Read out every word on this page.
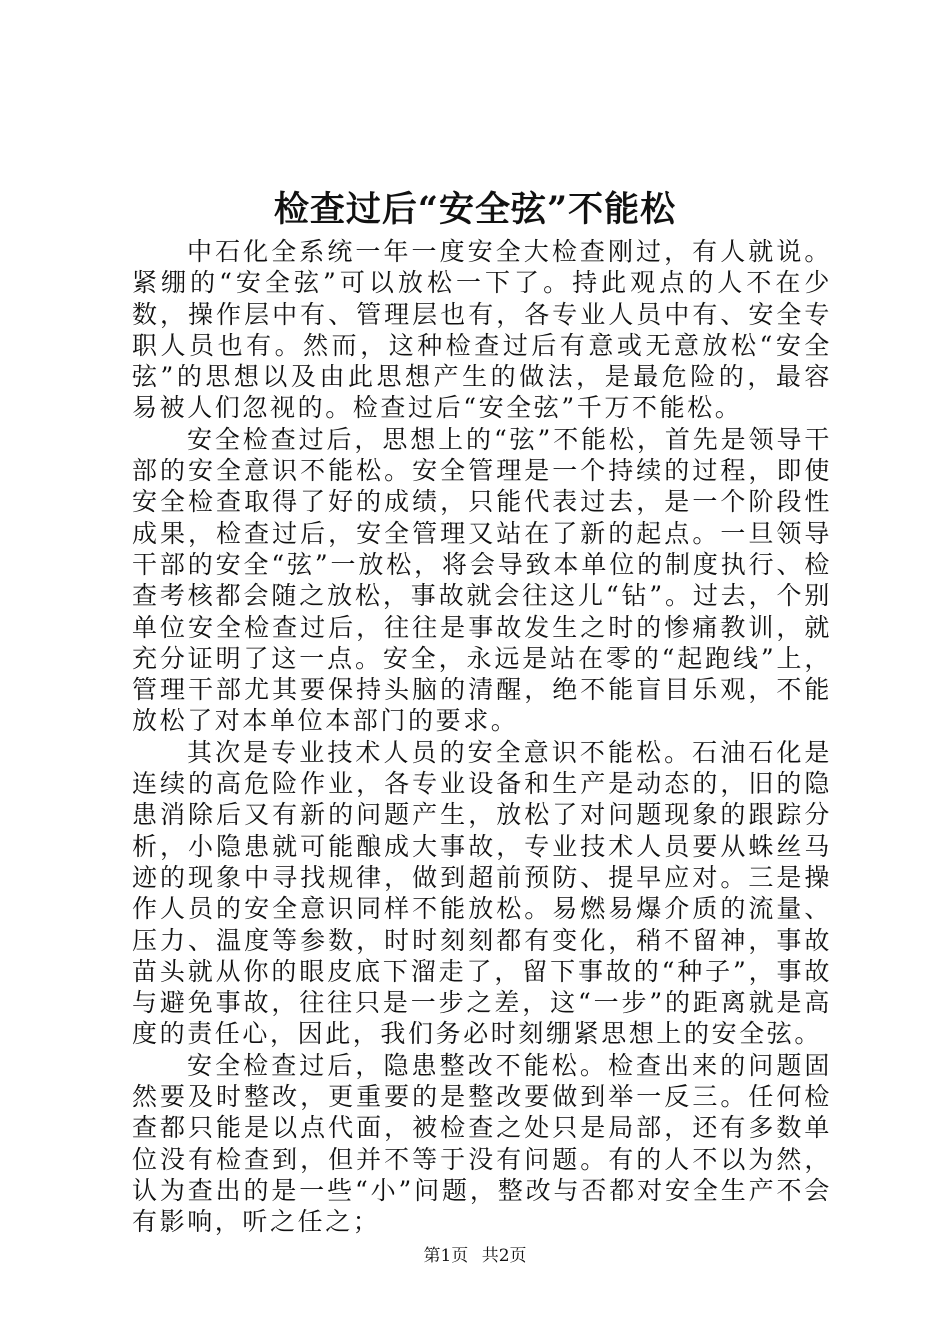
检查过后“安全弦”不能松

中石化全系统一年一度安全大检查刚过，有人就说。紧绷的“安全弦”可以放松一下了。持此观点的人不在少数，操作层中有、管理层也有，各专业人员中有、安全专职人员也有。然而，这种检查过后有意或无意放松“安全弦”的思想以及由此思想产生的做法，是最危险的，最容易被人们忽视的。检查过后“安全弦”千万不能松。

安全检查过后，思想上的“弦”不能松，首先是领导干部的安全意识不能松。安全管理是一个持续的过程，即使安全检查取得了好的成绩，只能代表过去，是一个阶段性成果，检查过后，安全管理又站在了新的起点。一旦领导干部的安全“弦”一放松，将会导致本单位的制度执行、检查考核都会随之放松，事故就会往这儿“钻”。过去，个别单位安全检查过后，往往是事故发生之时的惨痛教训，就充分证明了这一点。安全，永远是站在零的“起跑线”上，管理干部尤其要保持头脑的清醒，绝不能盲目乐观，不能放松了对本单位本部门的要求。

其次是专业技术人员的安全意识不能松。石油石化是连续的高危险作业，各专业设备和生产是动态的，旧的隐患消除后又有新的问题产生，放松了对问题现象的跟踪分析，小隐患就可能酿成大事故，专业技术人员要从蛛丝马迹的现象中寻找规律，做到超前预防、提早应对。三是操作人员的安全意识同样不能放松。易燃易爆介质的流量、压力、温度等参数，时时刻刻都有变化，稍不留神，事故苗头就从你的眼皮底下溜走了，留下事故的“种子”，事故与避免事故，往往只是一步之差，这“一步”的距离就是高度的责任心，因此，我们务必时刻绷紧思想上的安全弦。

安全检查过后，隐患整改不能松。检查出来的问题固然要及时整改，更重要的是整改要做到举一反三。任何检查都只能是以点代面，被检查之处只是局部，还有多数单位没有检查到，但并不等于没有问题。有的人不以为然，认为查出的是一些“小”问题，整改与否都对安全生产不会有影响，听之任之；

第1页 共2页
